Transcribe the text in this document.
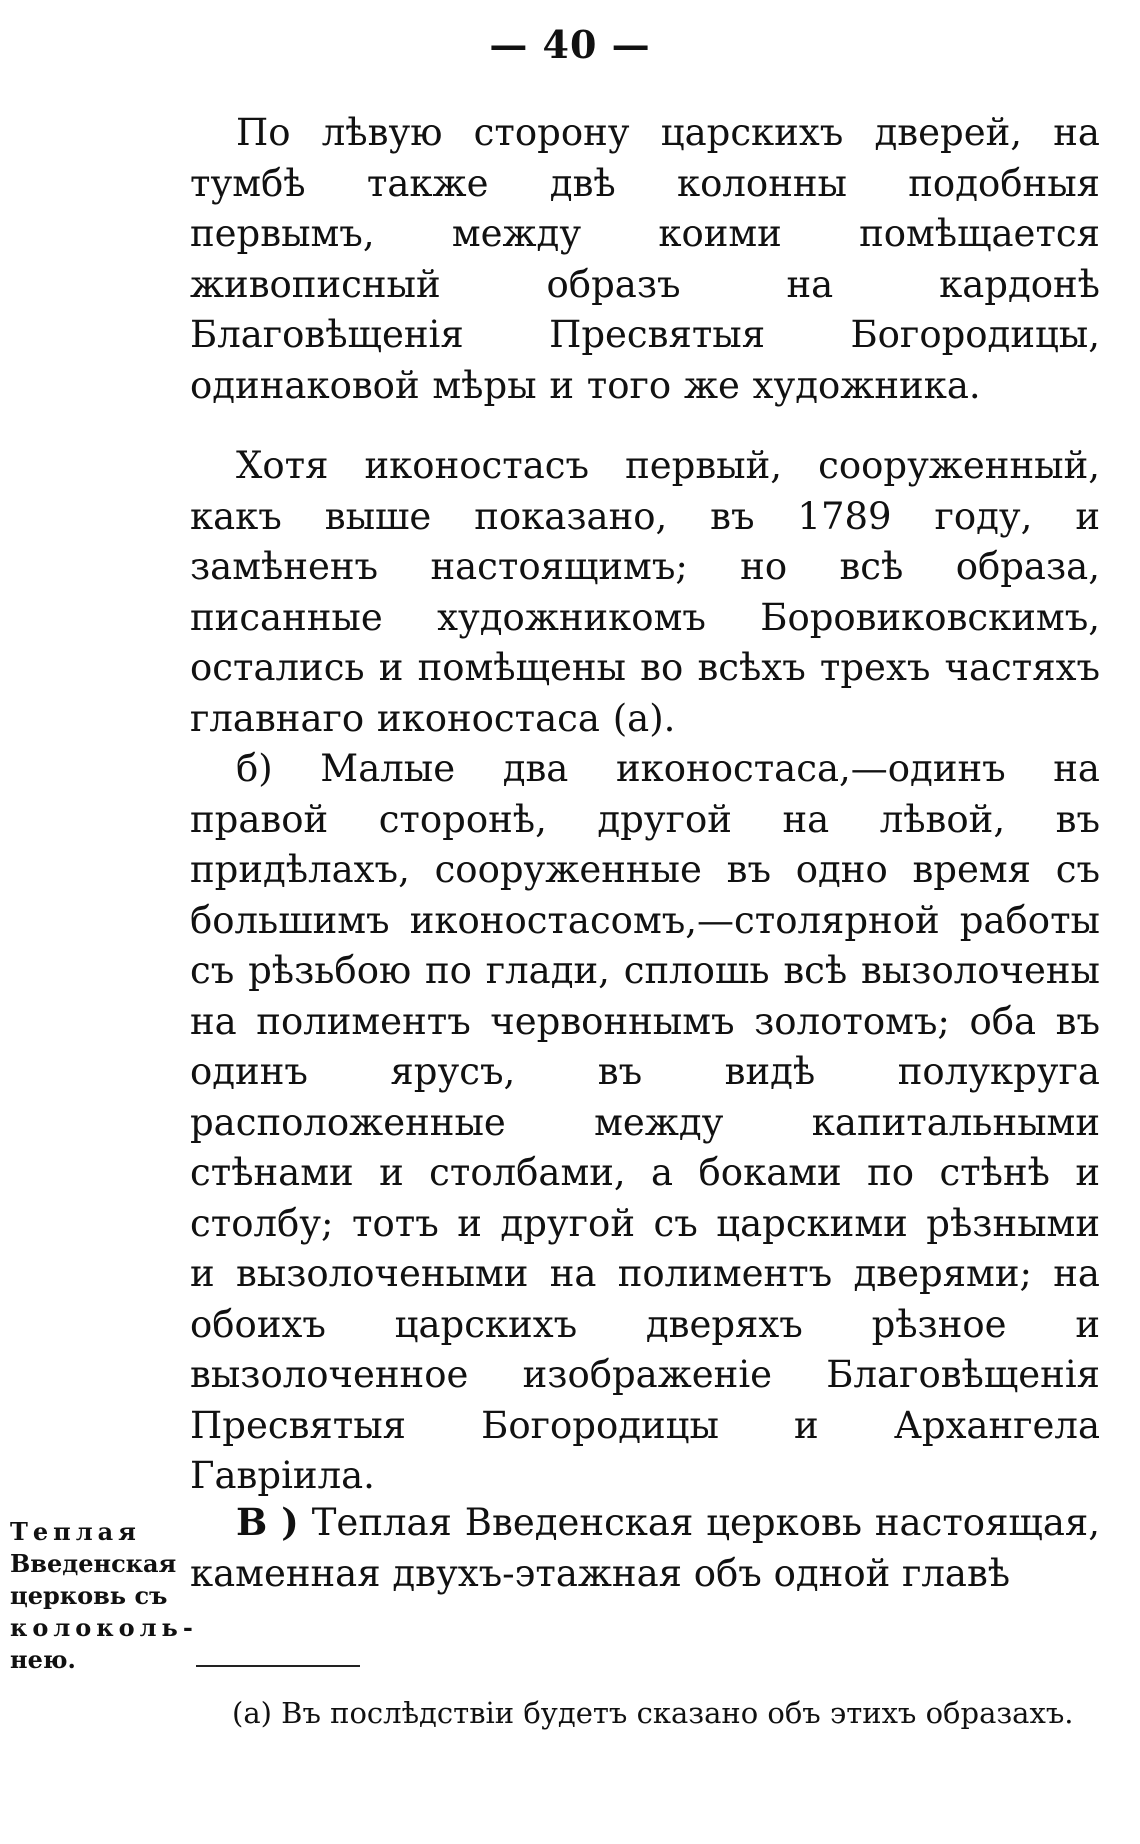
— 40 —

По лѣвую сторону царскихъ дверей, на тумбѣ также двѣ колонны подобныя первымъ, между коими помѣщается живописный образъ на кардонѣ Благовѣщенія Пресвятыя Богородицы, одинаковой мѣры и того же художника.

Хотя иконостасъ первый, сооруженный, какъ выше показано, въ 1789 году, и замѣненъ настоящимъ; но всѣ образа, писанные художникомъ Боровиковскимъ, остались и помѣщены во всѣхъ трехъ частяхъ главнаго иконостаса (а).

б) Малые два иконостаса,—одинъ на правой сторонѣ, другой на лѣвой, въ придѣлахъ, сооруженные въ одно время съ большимъ иконостасомъ,—столярной работы съ рѣзьбою по глади, сплошь всѣ вызолочены на полиментъ червоннымъ золотомъ; оба въ одинъ ярусъ, въ видѣ полукруга расположенные между капитальными стѣнами и столбами, а боками по стѣнѣ и столбу; тотъ и другой съ царскими рѣзными и вызолочеными на полиментъ дверями; на обоихъ царскихъ дверяхъ рѣзное и вызолоченное изображеніе Благовѣщенія Пресвятыя Богородицы и Архангела Гавріила.

Теплая
Введенская
церковь съ
колоколь-
нею.
В ) Теплая Введенская церковь настоящая, каменная двухъ-этажная объ одной главѣ
(а) Въ послѣдствіи будетъ сказано объ этихъ образахъ.
